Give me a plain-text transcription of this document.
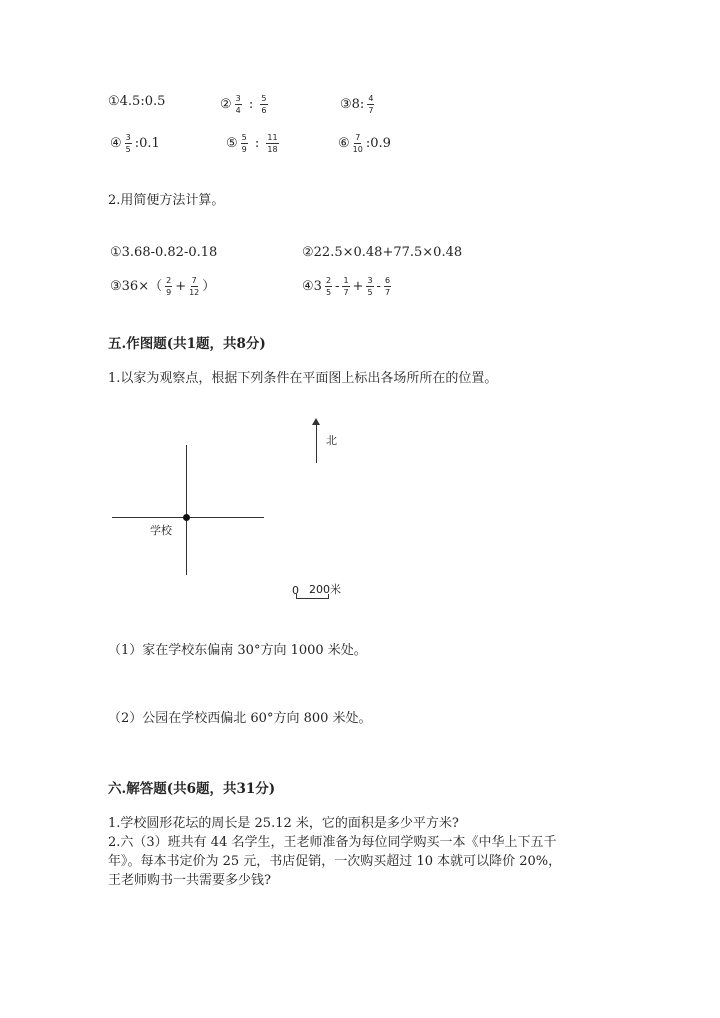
①4.5:0.5	② $\frac{3}{4}$ : $\frac{5}{6}$	③8: $\frac{4}{7}$
④ $\frac{3}{5}$ :0.1	⑤ $\frac{5}{9}$ : $\frac{11}{18}$	⑥ $\frac{7}{10}$ :0.9
2.用简便方法计算。
①3.68-0.82-0.18	②22.5×0.48+77.5×0.48
③36×（ $\frac{2}{9} + \frac{7}{12}$ ）	④3 $\frac{2}{5} - \frac{1}{7} + \frac{3}{5} - \frac{6}{7}$
五.作图题(共1题，共8分)
1.以家为观察点，根据下列条件在平面图上标出各场所所在的位置。
学校
北
0 200米
（1）家在学校东偏南 30°方向 1000 米处。
（2）公园在学校西偏北 60°方向 800 米处。
六.解答题(共6题，共31分)
1.学校圆形花坛的周长是 25.12 米，它的面积是多少平方米?
2.六（3）班共有 44 名学生，王老师准备为每位同学购买一本《中华上下五千
年》。每本书定价为 25 元，书店促销，一次购买超过 10 本就可以降价 20%，
王老师购书一共需要多少钱?
